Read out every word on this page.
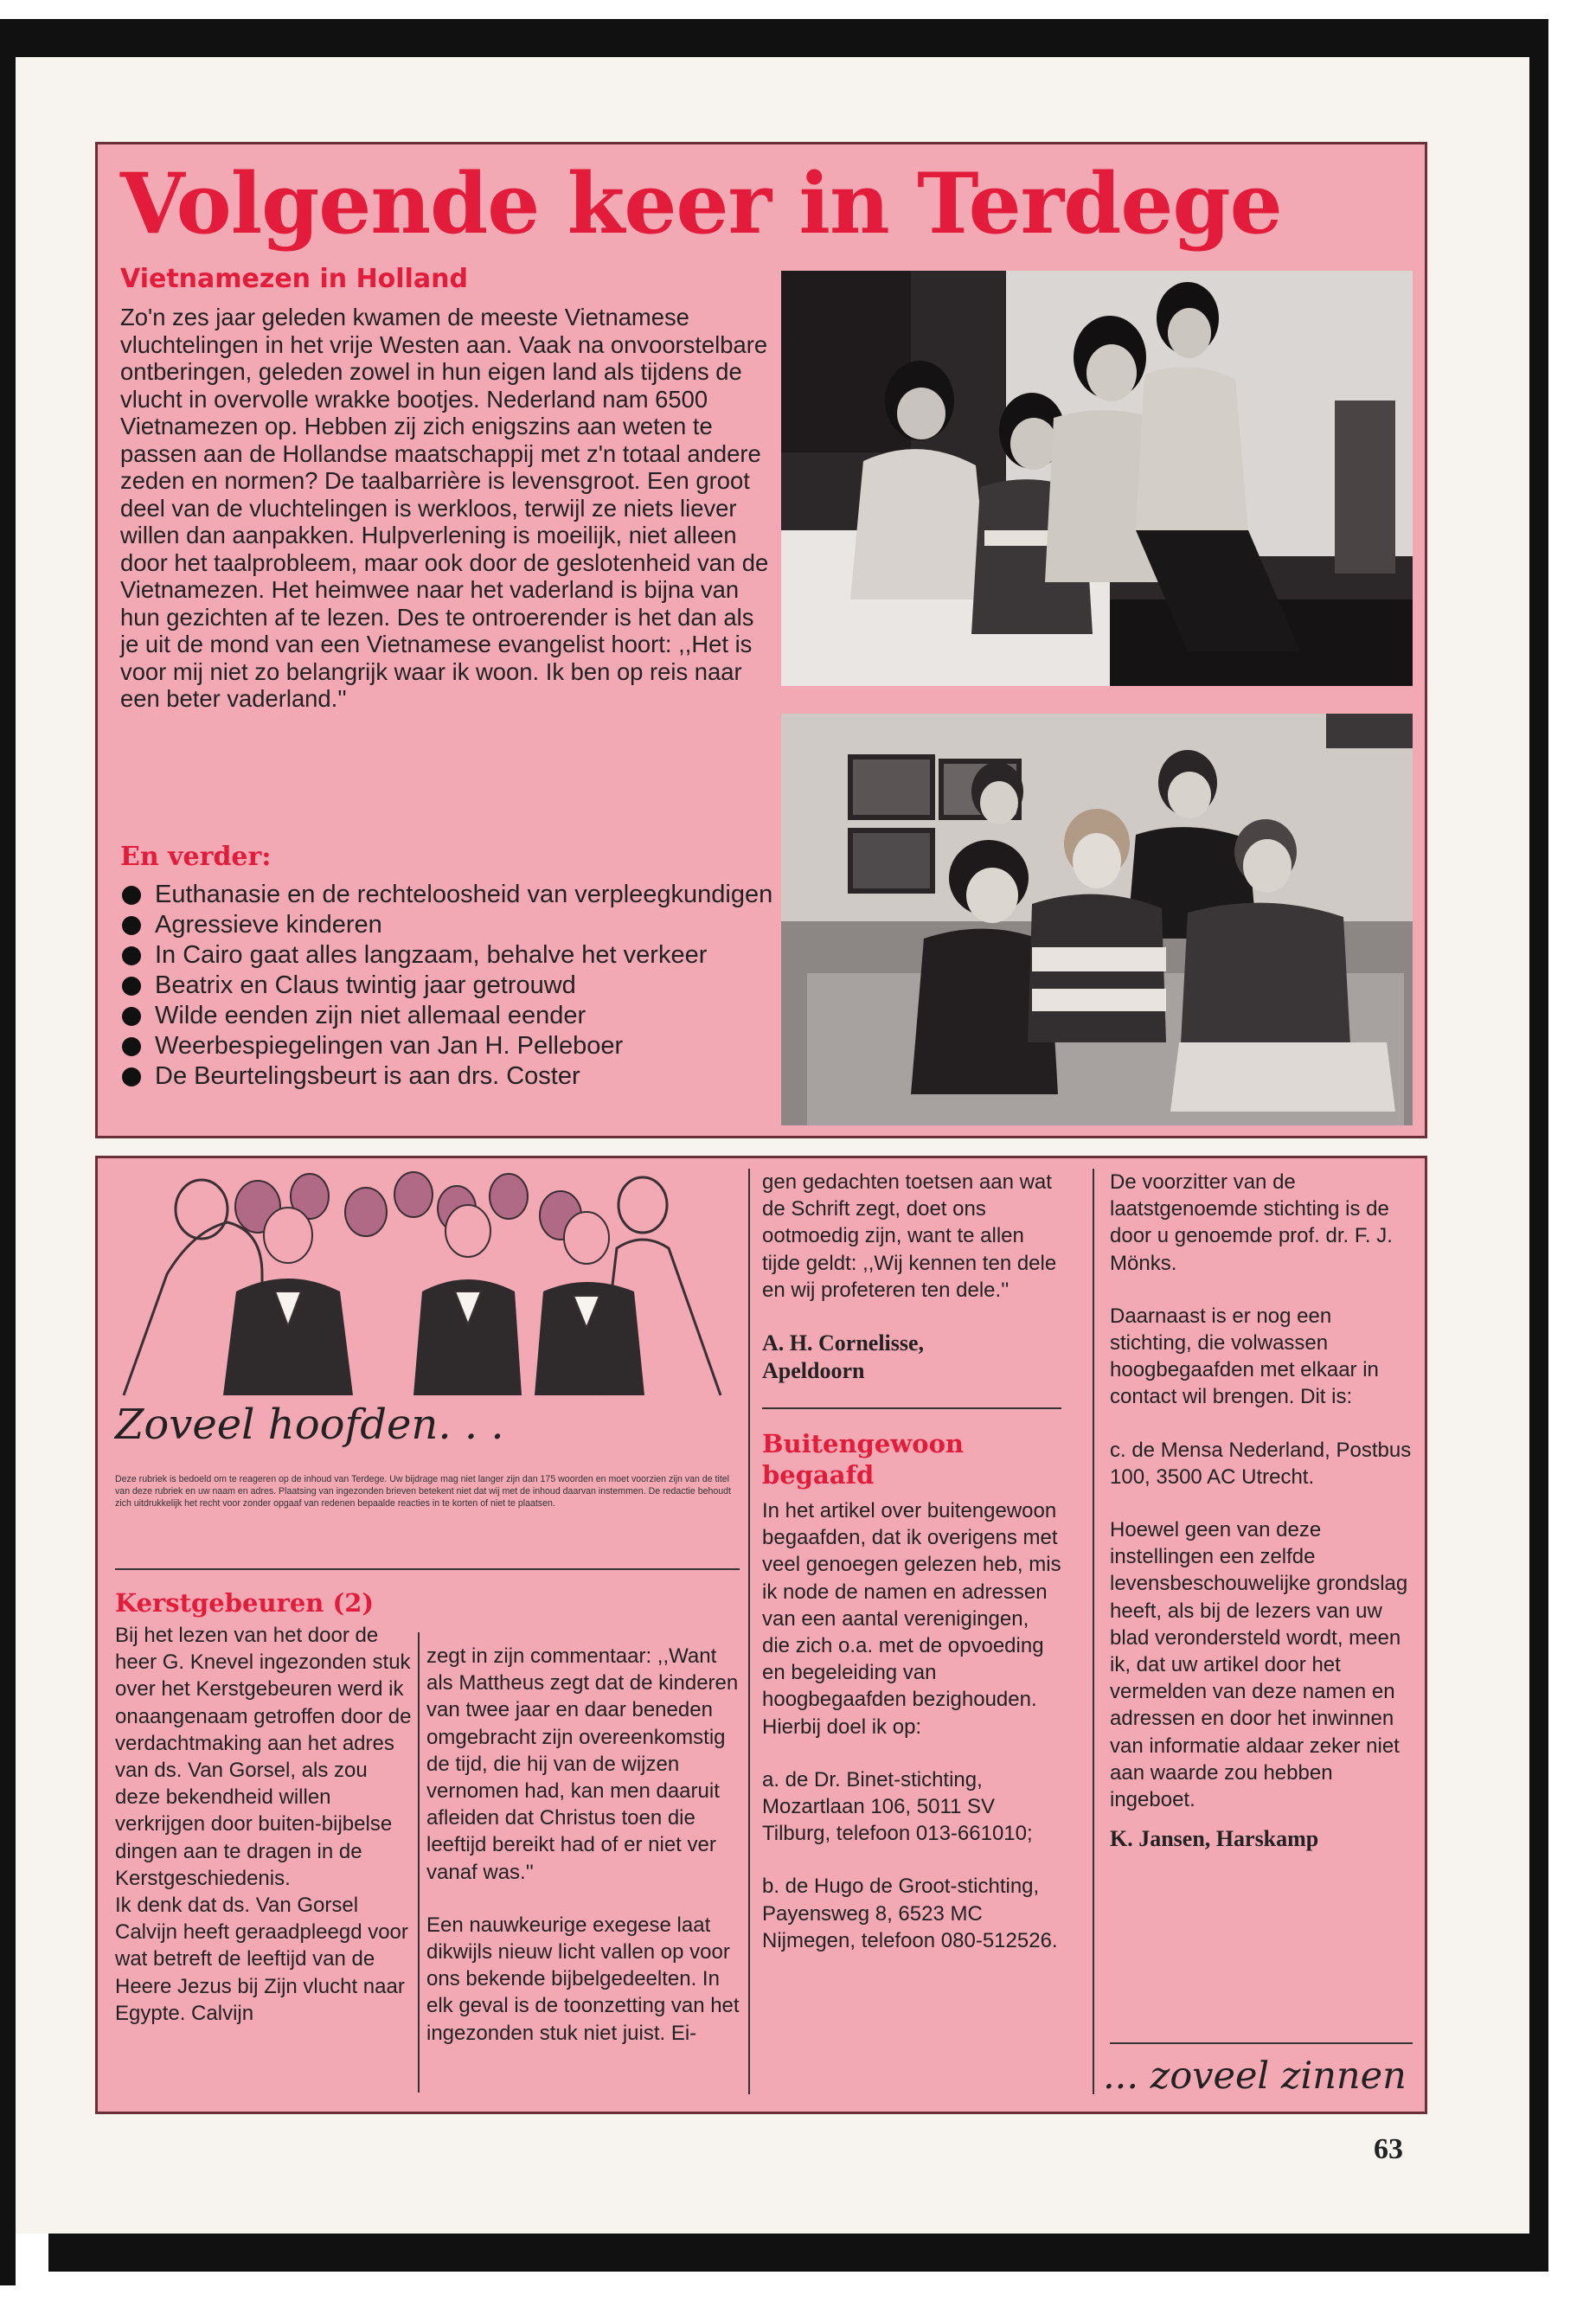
Volgende keer in Terdege
Vietnamezen in Holland

Zo'n zes jaar geleden kwamen de meeste Vietnamese vluchtelingen in het vrije Westen aan. Vaak na onvoorstelbare ontberingen, geleden zowel in hun eigen land als tijdens de vlucht in overvolle wrakke bootjes. Nederland nam 6500 Vietnamezen op. Hebben zij zich enigszins aan weten te passen aan de Hollandse maatschappij met z'n totaal andere zeden en normen? De taalbarrière is levensgroot. Een groot deel van de vluchtelingen is werkloos, terwijl ze niets liever willen dan aanpakken. Hulpverlening is moeilijk, niet alleen door het taalprobleem, maar ook door de geslotenheid van de Vietnamezen. Het heimwee naar het vaderland is bijna van hun gezichten af te lezen. Des te ontroerender is het dan als je uit de mond van een Vietnamese evangelist hoort: ,,Het is voor mij niet zo belangrijk waar ik woon. Ik ben op reis naar een beter vaderland.''

En verder:
Euthanasie en de rechteloosheid van verpleegkundigen
Agressieve kinderen
In Cairo gaat alles langzaam, behalve het verkeer
Beatrix en Claus twintig jaar getrouwd
Wilde eenden zijn niet allemaal eender
Weerbespiegelingen van Jan H. Pelleboer
De Beurtelingsbeurt is aan drs. Coster
Zoveel hoofden. . .
Deze rubriek is bedoeld om te reageren op de inhoud van Terdege. Uw bijdrage mag niet langer zijn dan 175 woorden en moet voorzien zijn van de titel van deze rubriek en uw naam en adres. Plaatsing van ingezonden brieven betekent niet dat wij met de inhoud daarvan instemmen. De redactie behoudt zich uitdrukkelijk het recht voor zonder opgaaf van redenen bepaalde reacties in te korten of niet te plaatsen.
Kerstgebeuren (2)

Bij het lezen van het door de heer G. Knevel ingezonden stuk over het Kerstgebeuren werd ik onaangenaam getroffen door de verdachtmaking aan het adres van ds. Van Gorsel, als zou deze bekendheid willen verkrijgen door buiten-bijbelse dingen aan te dragen in de Kerstgeschiedenis.

Ik denk dat ds. Van Gorsel Calvijn heeft geraadpleegd voor wat betreft de leeftijd van de Heere Jezus bij Zijn vlucht naar Egypte. Calvijn

zegt in zijn commentaar: ,,Want als Mattheus zegt dat de kinderen van twee jaar en daar beneden omgebracht zijn overeenkomstig de tijd, die hij van de wijzen vernomen had, kan men daaruit afleiden dat Christus toen die leeftijd bereikt had of er niet ver vanaf was.''

Een nauwkeurige exegese laat dikwijls nieuw licht vallen op voor ons bekende bijbelgedeelten. In elk geval is de toonzetting van het ingezonden stuk niet juist. Ei-

gen gedachten toetsen aan wat de Schrift zegt, doet ons ootmoedig zijn, want te allen tijde geldt: ,,Wij kennen ten dele en wij profeteren ten dele.''

A. H. Cornelisse,
Apeldoorn
Buitengewoon begaafd

In het artikel over buitengewoon begaafden, dat ik overigens met veel genoegen gelezen heb, mis ik node de namen en adressen van een aantal verenigingen, die zich o.a. met de opvoeding en begeleiding van hoogbegaafden bezighouden. Hierbij doel ik op:

a. de Dr. Binet-stichting, Mozartlaan 106, 5011 SV Tilburg, telefoon 013-661010;

b. de Hugo de Groot-stichting, Payensweg 8, 6523 MC Nijmegen, telefoon 080-512526.

De voorzitter van de laatstgenoemde stichting is de door u genoemde prof. dr. F. J. Mönks.

Daarnaast is er nog een stichting, die volwassen hoogbegaafden met elkaar in contact wil brengen. Dit is:

c. de Mensa Nederland, Postbus 100, 3500 AC Utrecht.

Hoewel geen van deze instellingen een zelfde levensbeschouwelijke grondslag heeft, als bij de lezers van uw blad verondersteld wordt, meen ik, dat uw artikel door het vermelden van deze namen en adressen en door het inwinnen van informatie aldaar zeker niet aan waarde zou hebben ingeboet.

K. Jansen, Harskamp
... zoveel zinnen
63
